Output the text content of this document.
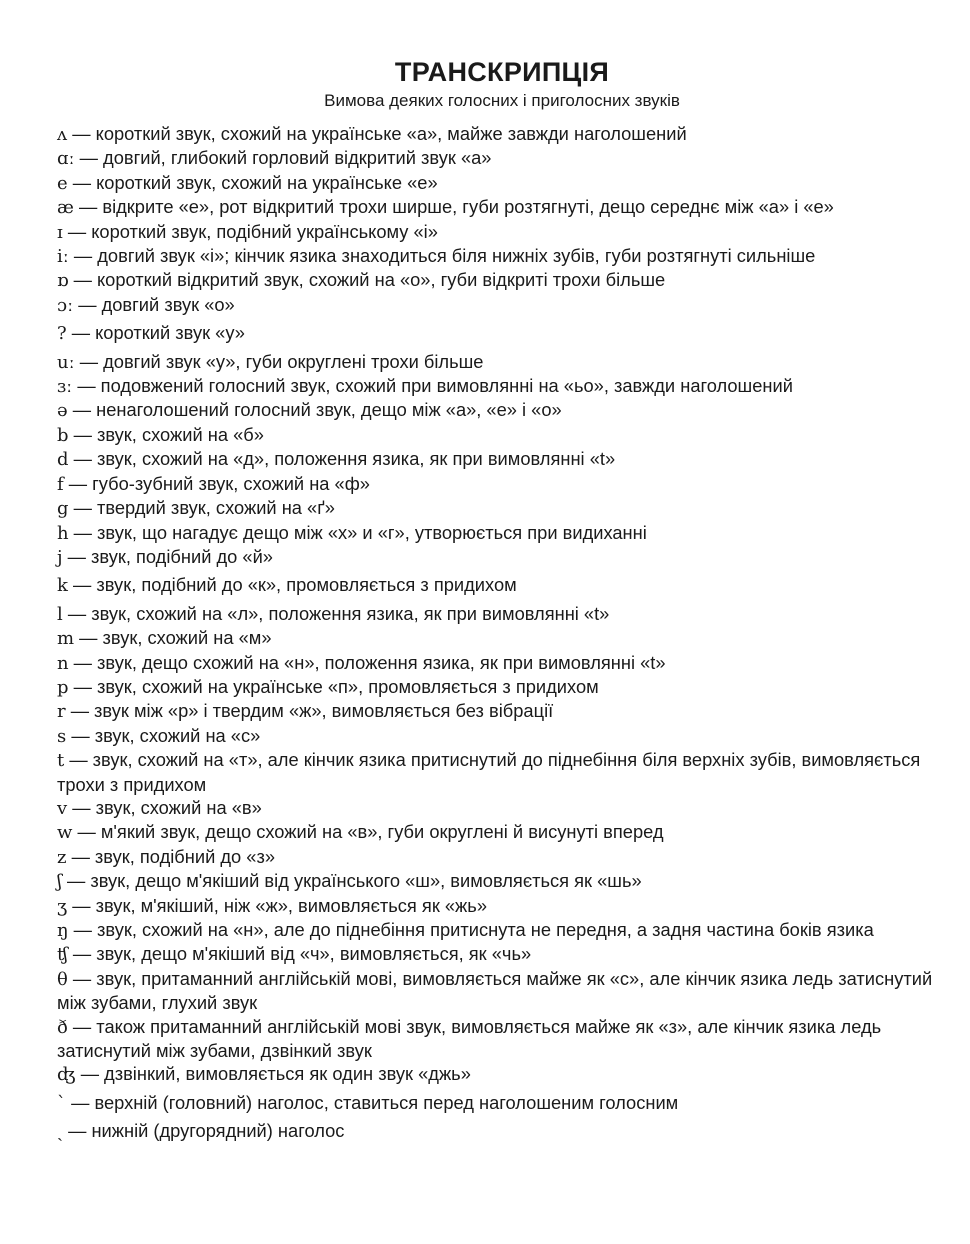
ТРАНСКРИПЦІЯ

Вимова деяких голосних і приголосних звуків

ʌ — короткий звук, схожий на українське «а», майже завжди наголошений
ɑː — довгий, глибокий горловий відкритий звук «а»
e — короткий звук, схожий на українське «е»
æ — відкрите «е», рот відкритий трохи ширше, губи розтягнуті, дещо середнє між «а» і «е»
ɪ — короткий звук, подібний українському «і»
iː — довгий звук «і»; кінчик язика знаходиться біля нижніх зубів, губи розтягнуті сильніше
ɒ — короткий відкритий звук, схожий на «о», губи відкриті трохи більше
ɔː — довгий звук «о»
? — короткий звук «у»
uː — довгий звук «у», губи округлені трохи більше
ɜː — подовжений голосний звук, схожий при вимовлянні на «ьо», завжди наголошений
ə — ненаголошений голосний звук, дещо між «а», «е» і «о»
b — звук, схожий на «б»
d — звук, схожий на «д», положення язика, як при вимовлянні «t»
f — губо-зубний звук, схожий на «ф»
g — твердий звук, схожий на «ґ»
h — звук, що нагадує дещо між «х» и «г», утворюється при видиханні
j — звук, подібний до «й»
k — звук, подібний до «к», промовляється з придихом
l — звук, схожий на «л», положення язика, як при вимовлянні «t»
m — звук, схожий на «м»
n — звук, дещо схожий на «н», положення язика, як при вимовлянні «t»
p — звук, схожий на українське «п», промовляється з придихом
r — звук між «р» і твердим «ж», вимовляється без вібрації
s — звук, схожий на «с»
t — звук, схожий на «т», але кінчик язика притиснутий до піднебіння біля верхніх зубів, вимовляється трохи з придихом
v — звук, схожий на «в»
w — м'який звук, дещо схожий на «в», губи округлені й висунуті вперед
z — звук, подібний до «з»
ʃ — звук, дещо м'якіший від українського «ш», вимовляється як «шь»
ʒ — звук, м'якіший, ніж «ж», вимовляється як «жь»
ŋ — звук, схожий на «н», але до піднебіння притиснута не передня, а задня частина боків язика
ʧ — звук, дещо м'якіший від «ч», вимовляється, як «чь»
θ — звук, притаманний англійській мові, вимовляється майже як «с», але кінчик язика ледь затиснутий між зубами, глухий звук
ð — також притаманний англійській мові звук, вимовляється майже як «з», але кінчик язика ледь затиснутий між зубами, дзвінкий звук
ʤ — дзвінкий, вимовляється як один звук «джь»
` — верхній (головний) наголос, ставиться перед наголошеним голосним
ˏ — нижній (другорядний) наголос
